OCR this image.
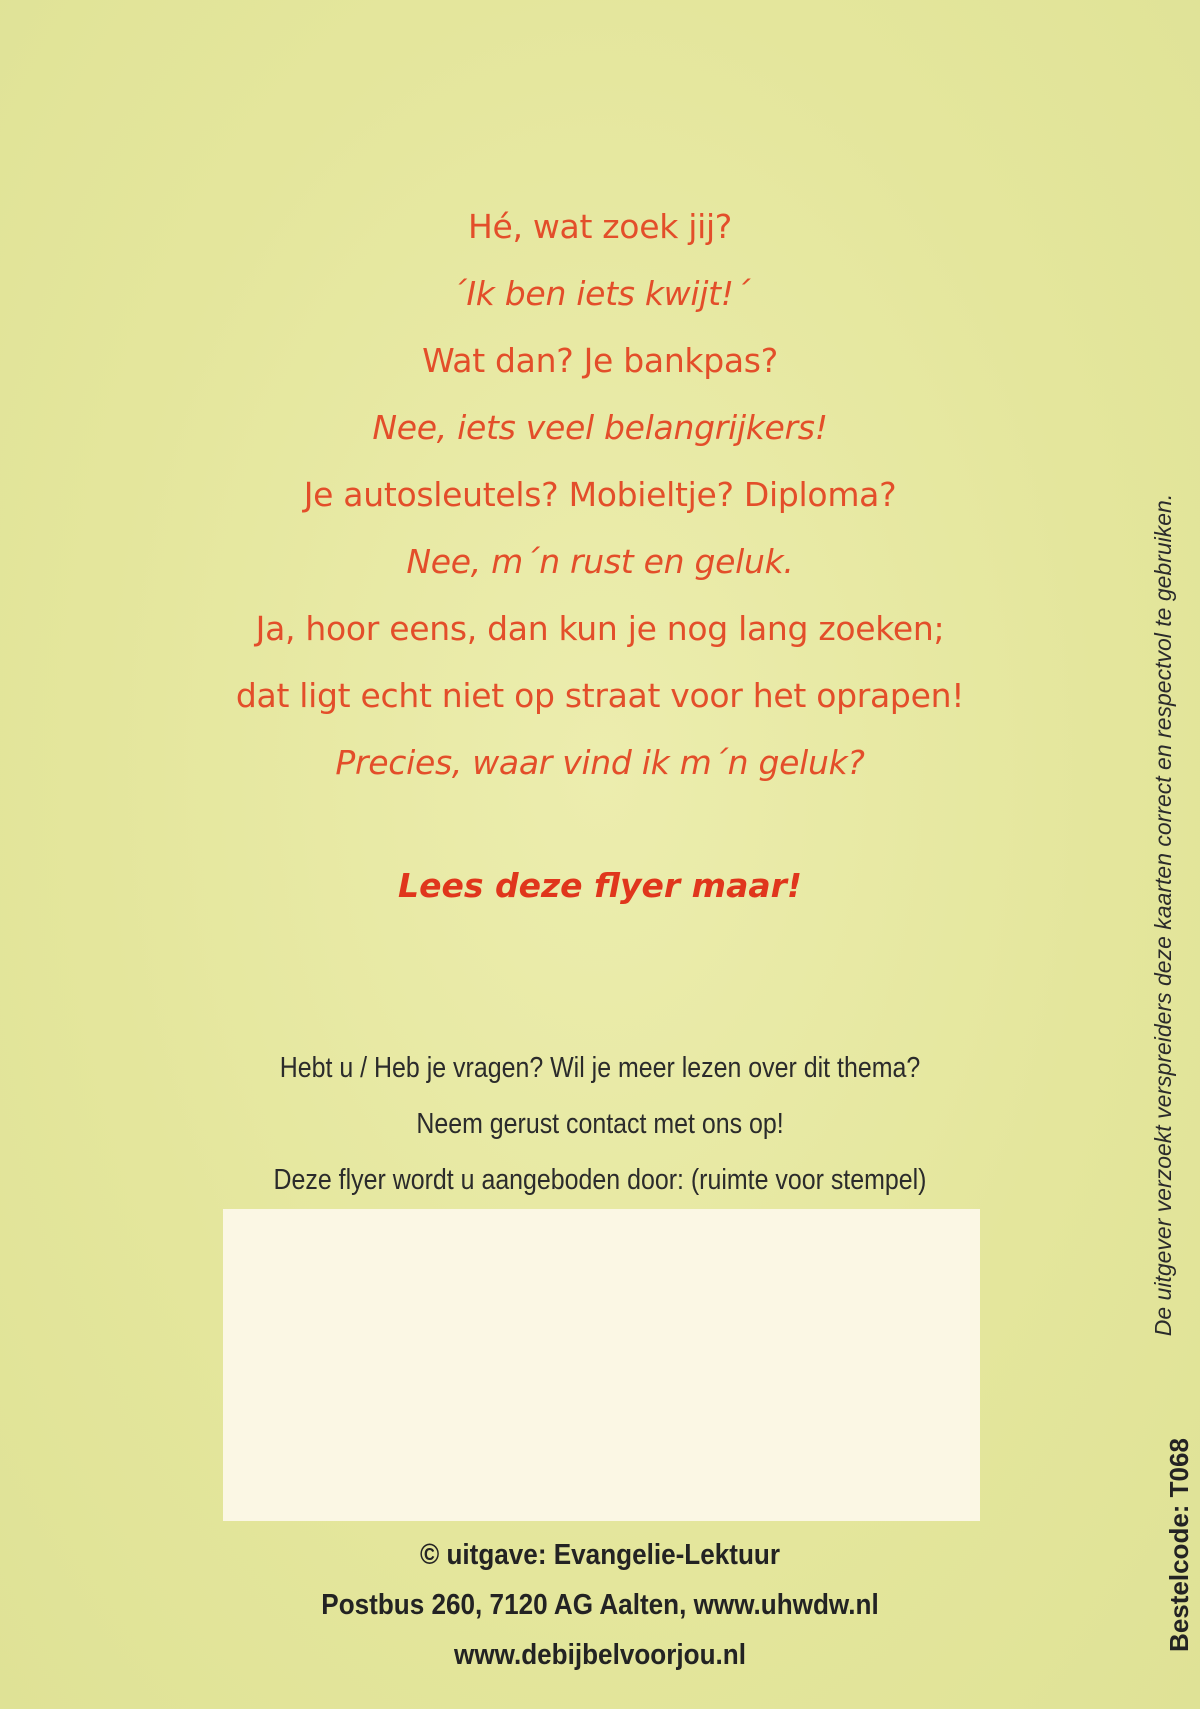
Hé, wat zoek jij?
´Ik ben iets kwijt!´
Wat dan? Je bankpas?
Nee, iets veel belangrijkers!
Je autosleutels? Mobieltje? Diploma?
Nee, m´n rust en geluk.
Ja, hoor eens, dan kun je nog lang zoeken;
dat ligt echt niet op straat voor het oprapen!
Precies, waar vind ik m´n geluk?
Lees deze flyer maar!
Hebt u / Heb je vragen? Wil je meer lezen over dit thema?
Neem gerust contact met ons op!
Deze flyer wordt u aangeboden door: (ruimte voor stempel)
© uitgave: Evangelie-Lektuur
Postbus 260, 7120 AG Aalten, www.uhwdw.nl
www.debijbelvoorjou.nl
De uitgever verzoekt verspreiders deze kaarten correct en respectvol te gebruiken.
Bestelcode: T068
